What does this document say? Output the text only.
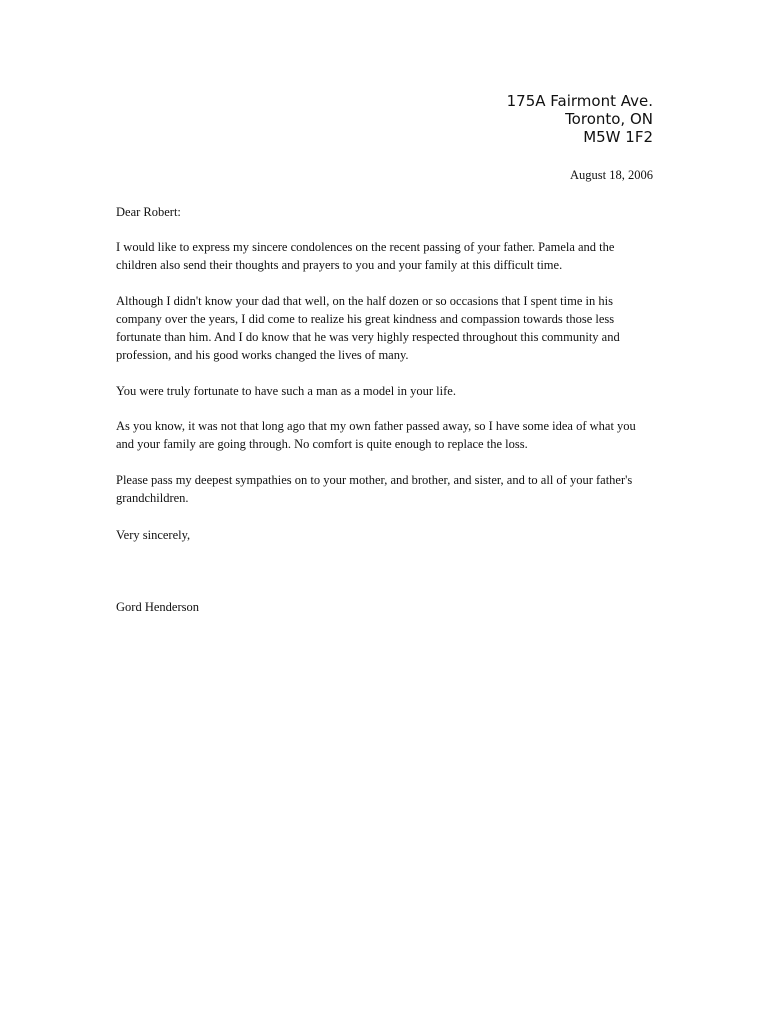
175A Fairmont Ave.
Toronto, ON
M5W 1F2
August 18, 2006
Dear Robert:
I would like to express my sincere condolences on the recent passing of your father. Pamela and the
children also send their thoughts and prayers to you and your family at this difficult time.
Although I didn't know your dad that well, on the half dozen or so occasions that I spent time in his
company over the years, I did come to realize his great kindness and compassion towards those less
fortunate than him. And I do know that he was very highly respected throughout this community and
profession, and his good works changed the lives of many.
You were truly fortunate to have such a man as a model in your life.
As you know, it was not that long ago that my own father passed away, so I have some idea of what you
and your family are going through. No comfort is quite enough to replace the loss.
Please pass my deepest sympathies on to your mother, and brother, and sister, and to all of your father's
grandchildren.
Very sincerely,
Gord Henderson
